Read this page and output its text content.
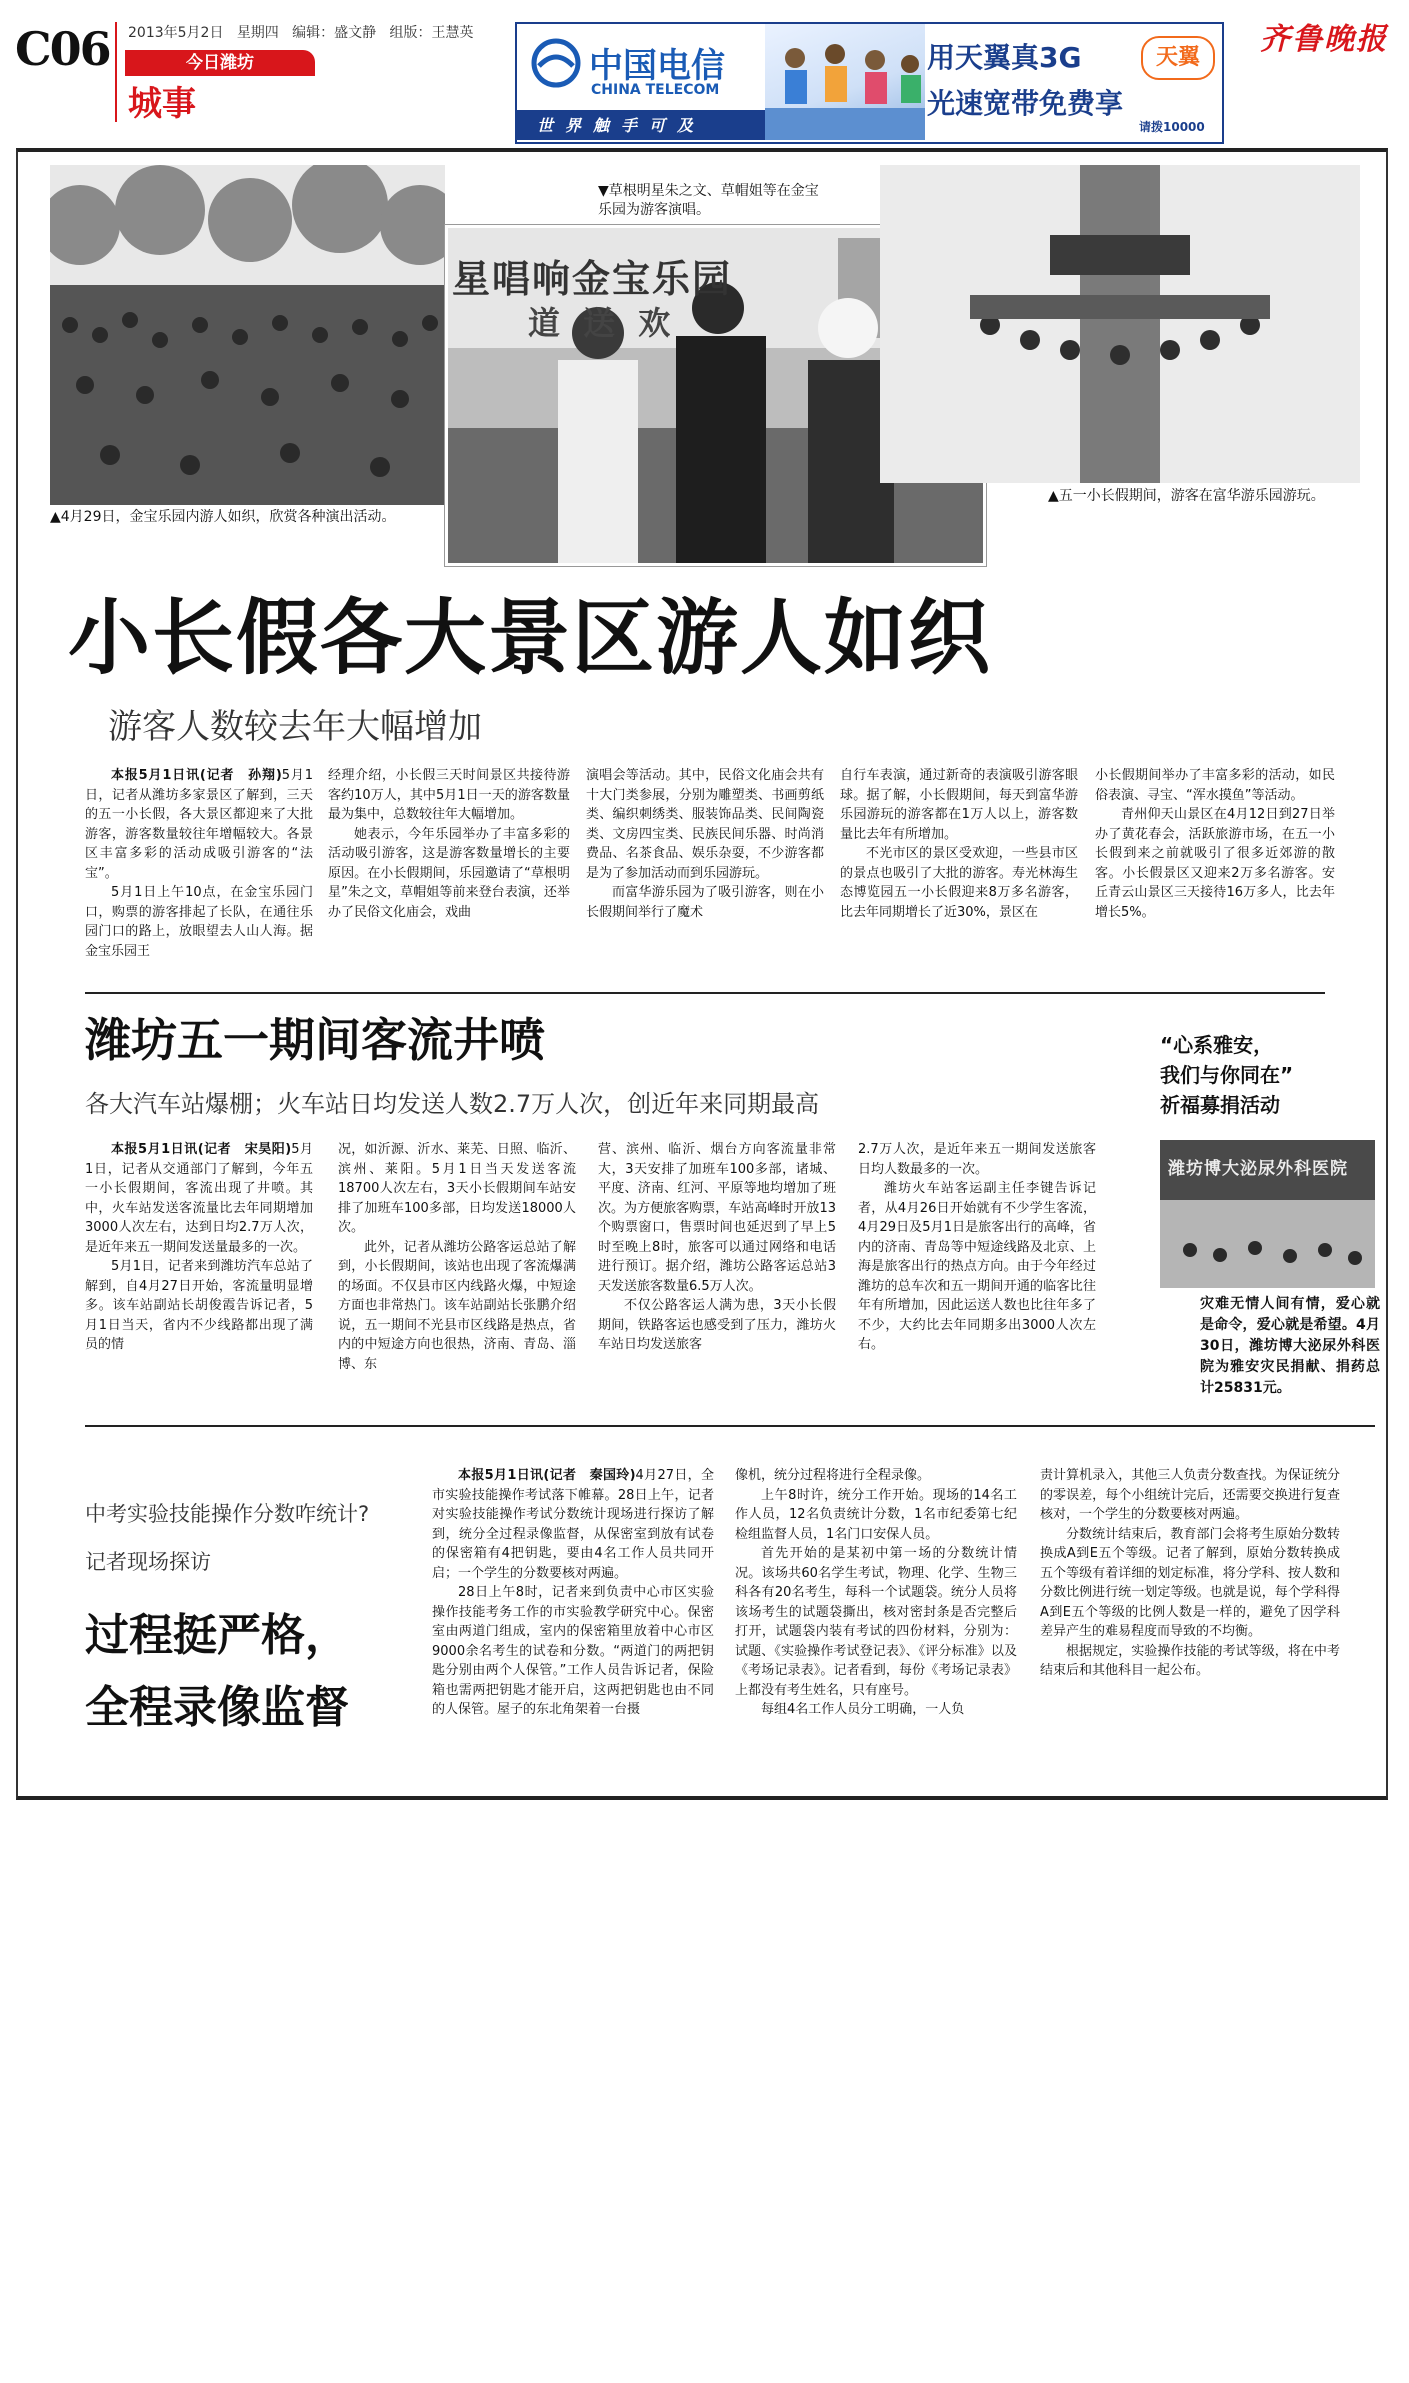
C06 2013年5月2日 星期四 编辑：盛文静 组版：王慧英
今日潍坊
城事
中国电信
CHINA TELECOM
世界触手可及
用天翼真3G
光速宽带免费享
天翼
请拨10000
齐鲁晚报
▲4月29日，金宝乐园内游人如织，欣赏各种演出活动。
▼草根明星朱之文、草帽姐等在金宝乐园为游客演唱。
星唱响金宝乐园
道 送 欢
▲五一小长假期间，游客在富华游乐园游玩。
小长假各大景区游人如织
游客人数较去年大幅增加

本报5月1日讯(记者　孙翔)5月1日，记者从潍坊多家景区了解到，三天的五一小长假，各大景区都迎来了大批游客，游客数量较往年增幅较大。各景区丰富多彩的活动成吸引游客的“法宝”。

5月1日上午10点，在金宝乐园门口，购票的游客排起了长队，在通往乐园门口的路上，放眼望去人山人海。据金宝乐园王

经理介绍，小长假三天时间景区共接待游客约10万人，其中5月1日一天的游客数量最为集中，总数较往年大幅增加。

她表示，今年乐园举办了丰富多彩的活动吸引游客，这是游客数量增长的主要原因。在小长假期间，乐园邀请了“草根明星”朱之文，草帽姐等前来登台表演，还举办了民俗文化庙会，戏曲

演唱会等活动。其中，民俗文化庙会共有十大门类参展，分别为雕塑类、书画剪纸类、编织刺绣类、服装饰品类、民间陶瓷类、文房四宝类、民族民间乐器、时尚消费品、名茶食品、娱乐杂耍，不少游客都是为了参加活动而到乐园游玩。

而富华游乐园为了吸引游客，则在小长假期间举行了魔术

自行车表演，通过新奇的表演吸引游客眼球。据了解，小长假期间，每天到富华游乐园游玩的游客都在1万人以上，游客数量比去年有所增加。

不光市区的景区受欢迎，一些县市区的景点也吸引了大批的游客。寿光林海生态博览园五一小长假迎来8万多名游客，比去年同期增长了近30%，景区在

小长假期间举办了丰富多彩的活动，如民俗表演、寻宝、“浑水摸鱼”等活动。

青州仰天山景区在4月12日到27日举办了黄花春会，活跃旅游市场，在五一小长假到来之前就吸引了很多近郊游的散客。小长假景区又迎来2万多名游客。安丘青云山景区三天接待16万多人，比去年增长5%。

潍坊五一期间客流井喷
各大汽车站爆棚；火车站日均发送人数2.7万人次，创近年来同期最高

本报5月1日讯(记者　宋昊阳)5月1日，记者从交通部门了解到，今年五一小长假期间，客流出现了井喷。其中，火车站发送客流量比去年同期增加3000人次左右，达到日均2.7万人次，是近年来五一期间发送量最多的一次。

5月1日，记者来到潍坊汽车总站了解到，自4月27日开始，客流量明显增多。该车站副站长胡俊霞告诉记者，5月1日当天，省内不少线路都出现了满员的情

况，如沂源、沂水、莱芜、日照、临沂、滨州、莱阳。5月1日当天发送客流18700人次左右，3天小长假期间车站安排了加班车100多部，日均发送18000人次。

此外，记者从潍坊公路客运总站了解到，小长假期间，该站也出现了客流爆满的场面。不仅县市区内线路火爆，中短途方面也非常热门。该车站副站长张鹏介绍说，五一期间不光县市区线路是热点，省内的中短途方向也很热，济南、青岛、淄博、东

营、滨州、临沂、烟台方向客流量非常大，3天安排了加班车100多部，诸城、平度、济南、红河、平原等地均增加了班次。为方便旅客购票，车站高峰时开放13个购票窗口，售票时间也延迟到了早上5时至晚上8时，旅客可以通过网络和电话进行预订。据介绍，潍坊公路客运总站3天发送旅客数量6.5万人次。

不仅公路客运人满为患，3天小长假期间，铁路客运也感受到了压力，潍坊火车站日均发送旅客

2.7万人次，是近年来五一期间发送旅客日均人数最多的一次。

潍坊火车站客运副主任李键告诉记者，从4月26日开始就有不少学生客流，4月29日及5月1日是旅客出行的高峰，省内的济南、青岛等中短途线路及北京、上海是旅客出行的热点方向。由于今年经过潍坊的总车次和五一期间开通的临客比往年有所增加，因此运送人数也比往年多了不少，大约比去年同期多出3000人次左右。

“心系雅安，
我们与你同在”
祈福募捐活动
潍坊博大泌尿外科医院
灾难无情人间有情，爱心就是命令，爱心就是希望。4月30日，潍坊博大泌尿外科医院为雅安灾民捐献、捐药总计25831元。
中考实验技能操作分数咋统计?
记者现场探访
过程挺严格，
全程录像监督

本报5月1日讯(记者　秦国玲)4月27日，全市实验技能操作考试落下帷幕。28日上午，记者对实验技能操作考试分数统计现场进行探访了解到，统分全过程录像监督，从保密室到放有试卷的保密箱有4把钥匙，要由4名工作人员共同开启；一个学生的分数要核对两遍。

28日上午8时，记者来到负责中心市区实验操作技能考务工作的市实验教学研究中心。保密室由两道门组成，室内的保密箱里放着中心市区9000余名考生的试卷和分数。“两道门的两把钥匙分别由两个人保管。”工作人员告诉记者，保险箱也需两把钥匙才能开启，这两把钥匙也由不同的人保管。屋子的东北角架着一台摄

像机，统分过程将进行全程录像。

上午8时许，统分工作开始。现场的14名工作人员，12名负责统计分数，1名市纪委第七纪检组监督人员，1名门口安保人员。

首先开始的是某初中第一场的分数统计情况。该场共60名学生考试，物理、化学、生物三科各有20名考生，每科一个试题袋。统分人员将该场考生的试题袋撕出，核对密封条是否完整后打开，试题袋内装有考试的四份材料，分别为：试题、《实验操作考试登记表》、《评分标准》以及《考场记录表》。记者看到，每份《考场记录表》上都没有考生姓名，只有座号。

每组4名工作人员分工明确，一人负

责计算机录入，其他三人负责分数查找。为保证统分的零误差，每个小组统计完后，还需要交换进行复查核对，一个学生的分数要核对两遍。

分数统计结束后，教育部门会将考生原始分数转换成A到E五个等级。记者了解到，原始分数转换成五个等级有着详细的划定标准，将分学科、按人数和分数比例进行统一划定等级。也就是说，每个学科得A到E五个等级的比例人数是一样的，避免了因学科差异产生的难易程度而导致的不均衡。

根据规定，实验操作技能的考试等级，将在中考结束后和其他科目一起公布。
